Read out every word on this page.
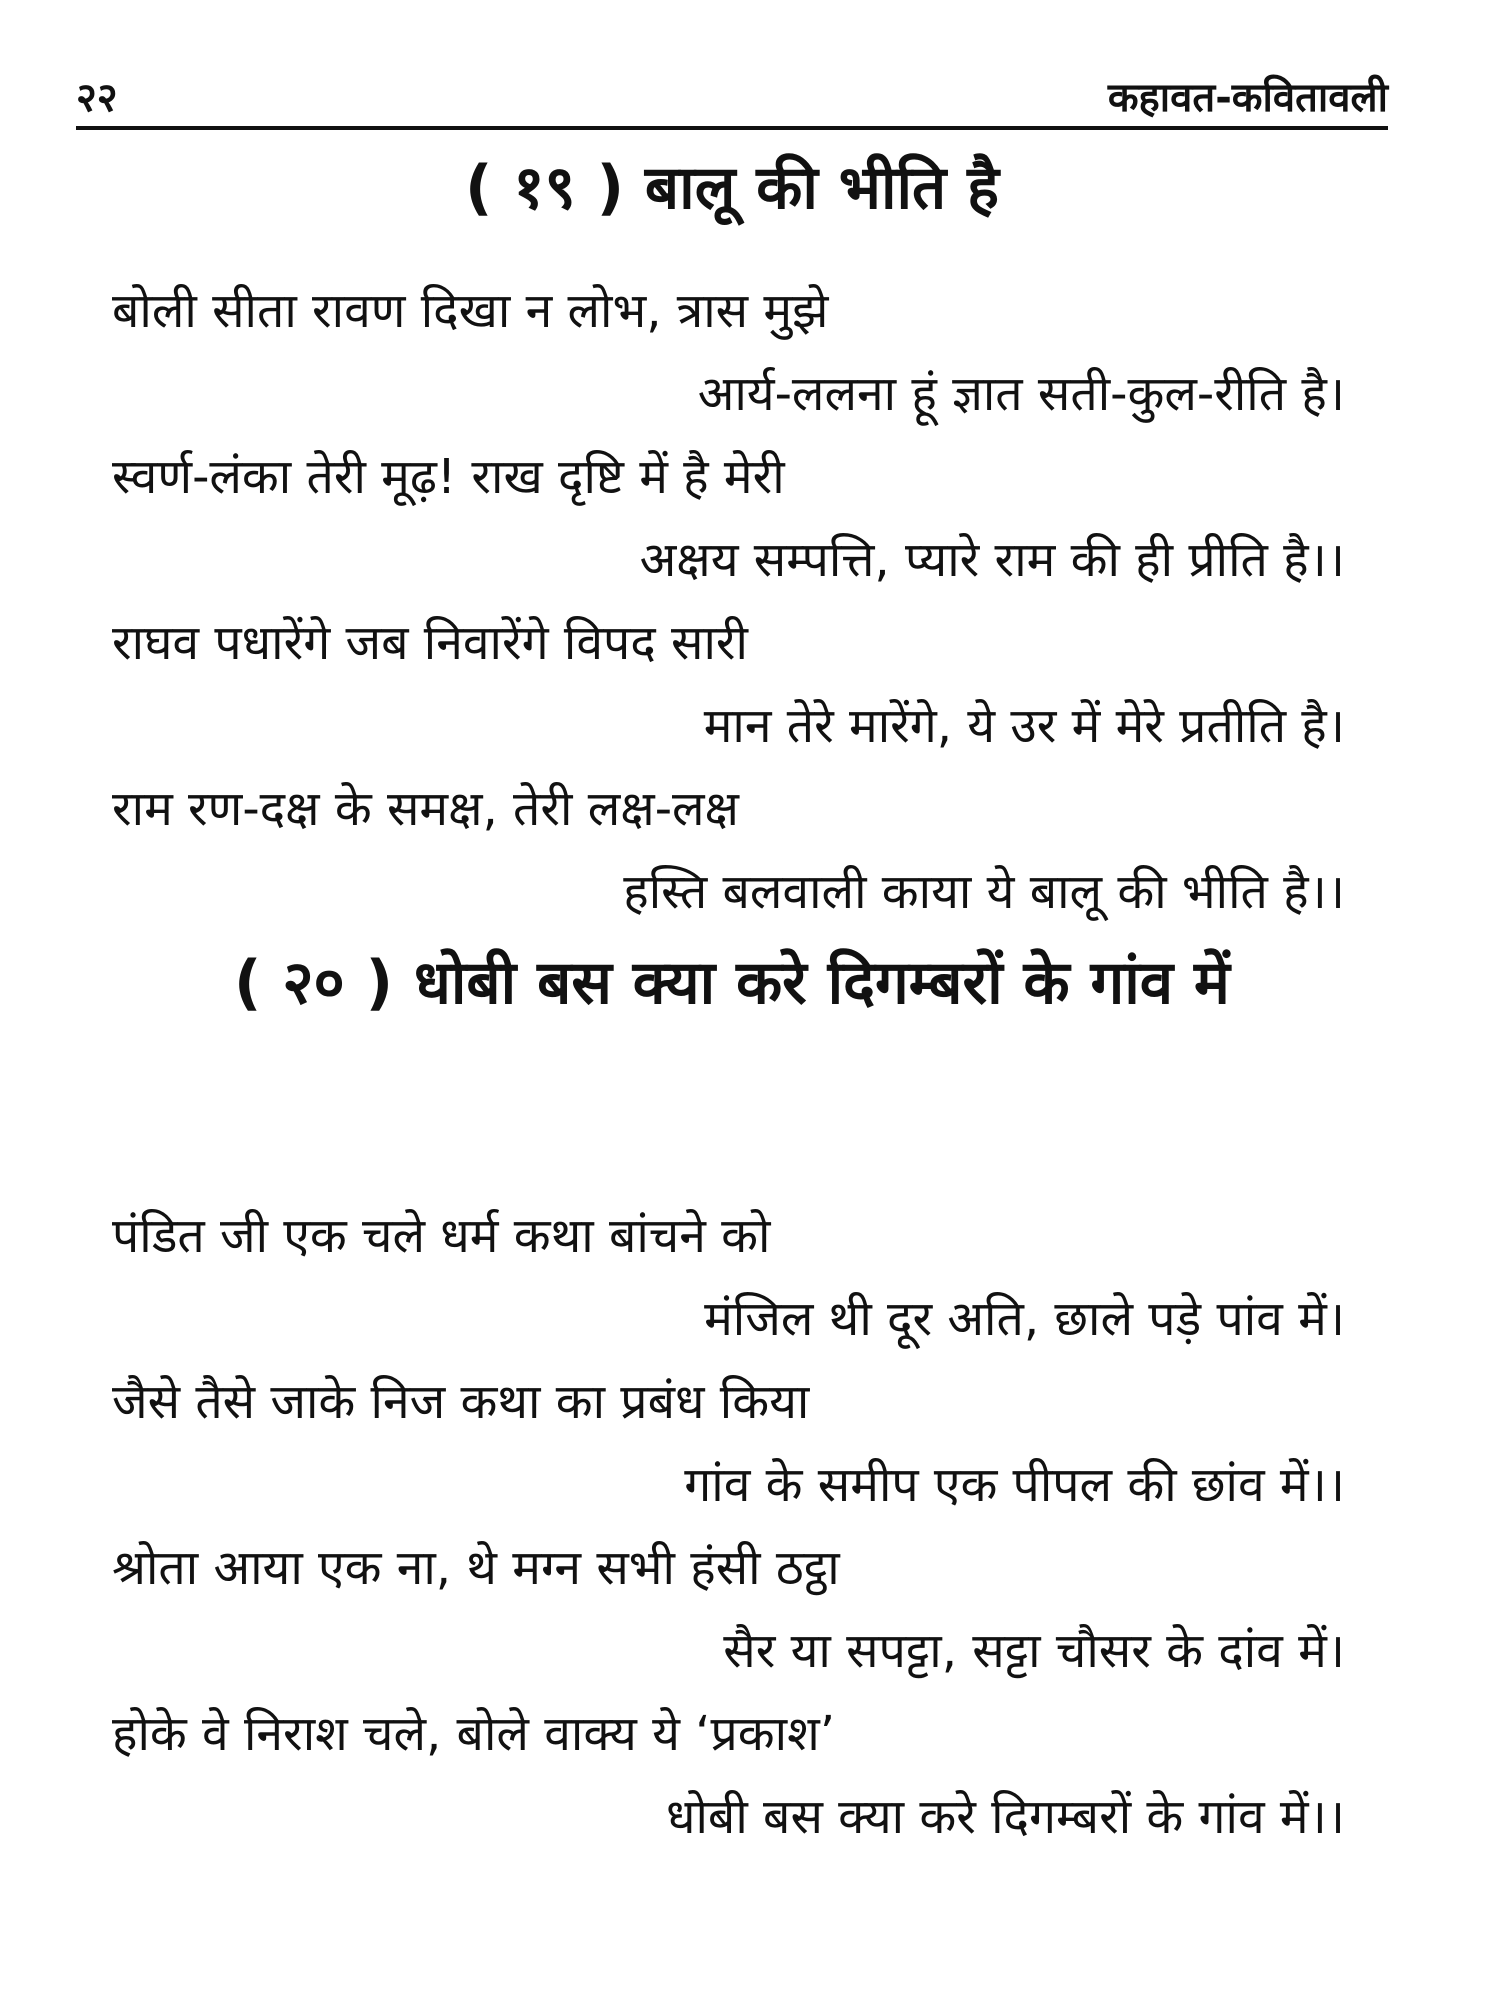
२२	कहावत-कवितावली
( १९ ) बालू की भीति है
बोली सीता रावण दिखा न लोभ, त्रास मुझे
आर्य-ललना हूं ज्ञात सती-कुल-रीति है।
स्वर्ण-लंका तेरी मूढ़! राख दृष्टि में है मेरी
अक्षय सम्पत्ति, प्यारे राम की ही प्रीति है।।
राघव पधारेंगे जब निवारेंगे विपद सारी
मान तेरे मारेंगे, ये उर में मेरे प्रतीति है।
राम रण-दक्ष के समक्ष, तेरी लक्ष-लक्ष
हस्ति बलवाली काया ये बालू की भीति है।।
( २० ) धोबी बस क्या करे दिगम्बरों के गांव में
पंडित जी एक चले धर्म कथा बांचने को
मंजिल थी दूर अति, छाले पड़े पांव में।
जैसे तैसे जाके निज कथा का प्रबंध किया
गांव के समीप एक पीपल की छांव में।।
श्रोता आया एक ना, थे मग्न सभी हंसी ठट्ठा
सैर या सपट्टा, सट्टा चौसर के दांव में।
होके वे निराश चले, बोले वाक्य ये ‘प्रकाश’
धोबी बस क्या करे दिगम्बरों के गांव में।।
